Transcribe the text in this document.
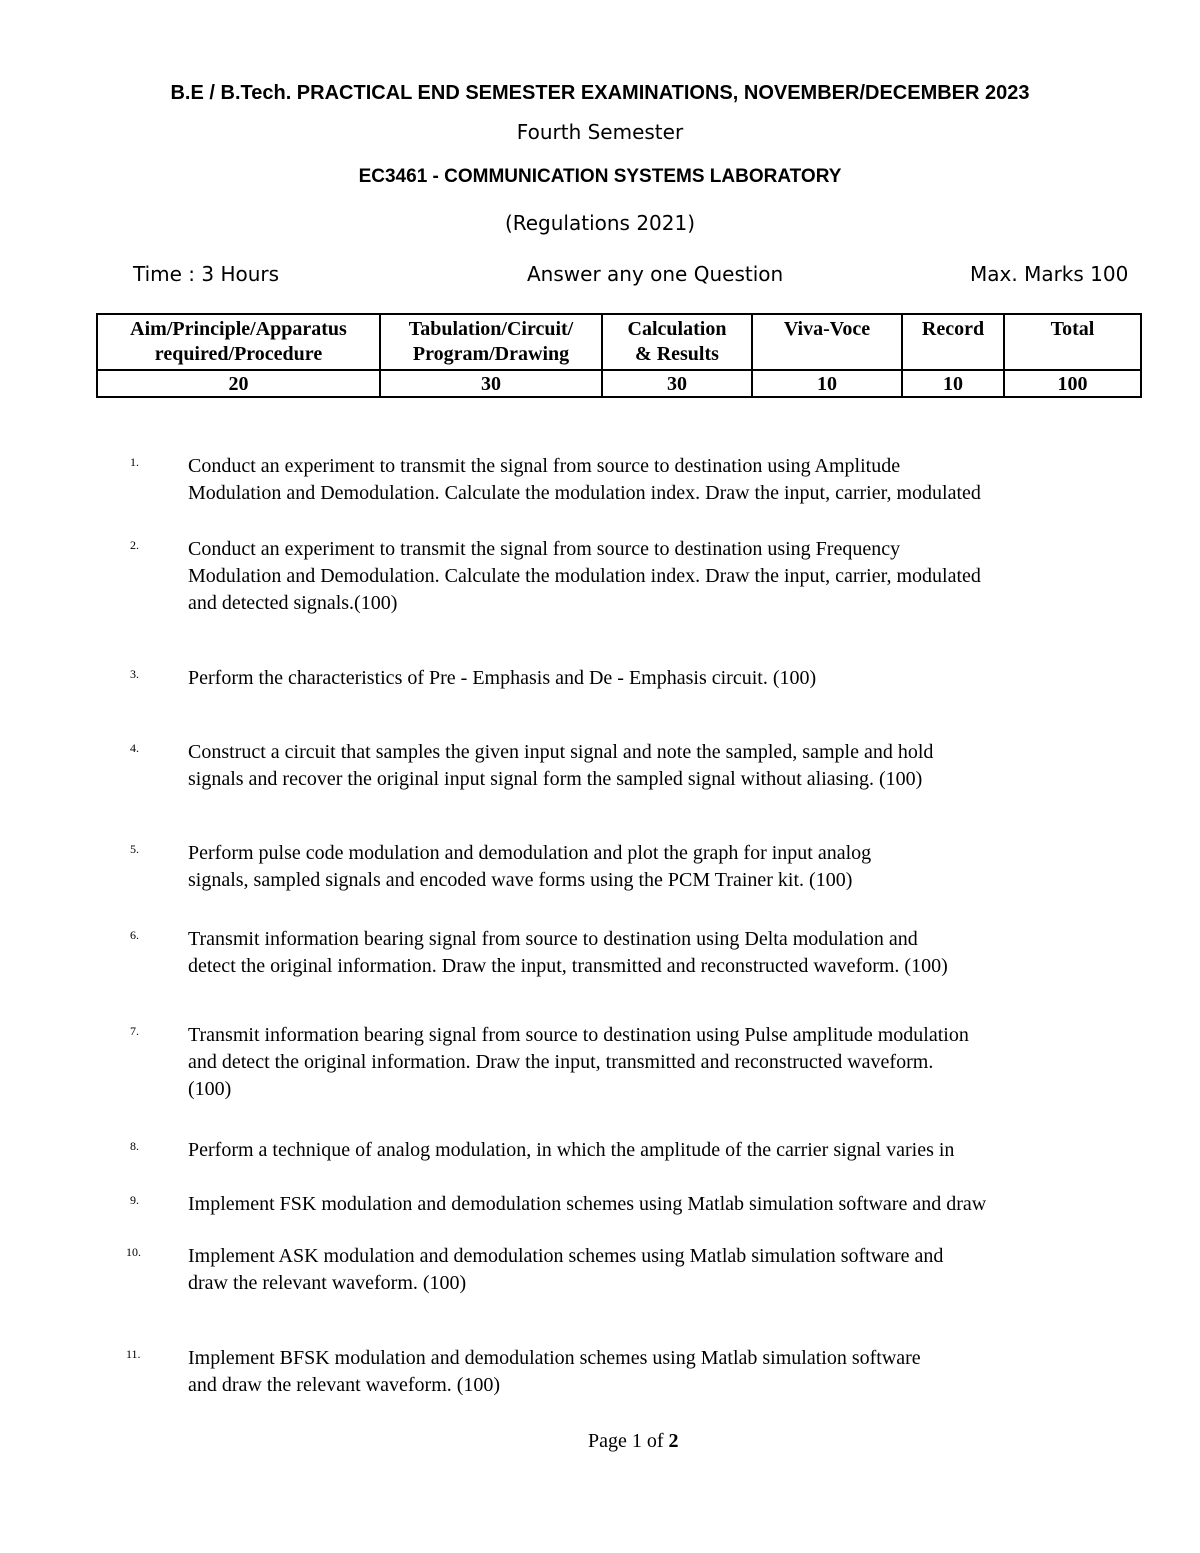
B.E / B.Tech. PRACTICAL END SEMESTER EXAMINATIONS, NOVEMBER/DECEMBER 2023
Fourth Semester
EC3461 - COMMUNICATION SYSTEMS LABORATORY
(Regulations 2021)
Time : 3 Hours	Answer any one Question	Max. Marks 100
Aim/Principle/Apparatus
required/Procedure	Tabulation/Circuit/
Program/Drawing	Calculation
& Results	Viva-Voce	Record	Total
20	30	30	10	10	100
1. Conduct an experiment to transmit the signal from source to destination using Amplitude
Modulation and Demodulation. Calculate the modulation index. Draw the input, carrier, modulated
2. Conduct an experiment to transmit the signal from source to destination using Frequency
Modulation and Demodulation. Calculate the modulation index. Draw the input, carrier, modulated
and detected signals.(100)
3. Perform the characteristics of Pre - Emphasis and De - Emphasis circuit. (100)
4. Construct a circuit that samples the given input signal and note the sampled, sample and hold
signals and recover the original input signal form the sampled signal without aliasing. (100)
5. Perform pulse code modulation and demodulation and plot the graph for input analog
signals, sampled signals and encoded wave forms using the PCM Trainer kit. (100)
6. Transmit information bearing signal from source to destination using Delta modulation and
detect the original information. Draw the input, transmitted and reconstructed waveform. (100)
7. Transmit information bearing signal from source to destination using Pulse amplitude modulation
and detect the original information. Draw the input, transmitted and reconstructed waveform.
(100)
8. Perform a technique of analog modulation, in which the amplitude of the carrier signal varies in
9. Implement FSK modulation and demodulation schemes using Matlab simulation software and draw
10. Implement ASK modulation and demodulation schemes using Matlab simulation software and
draw the relevant waveform. (100)
11. Implement BFSK modulation and demodulation schemes using Matlab simulation software
and draw the relevant waveform. (100)
Page 1 of 2
